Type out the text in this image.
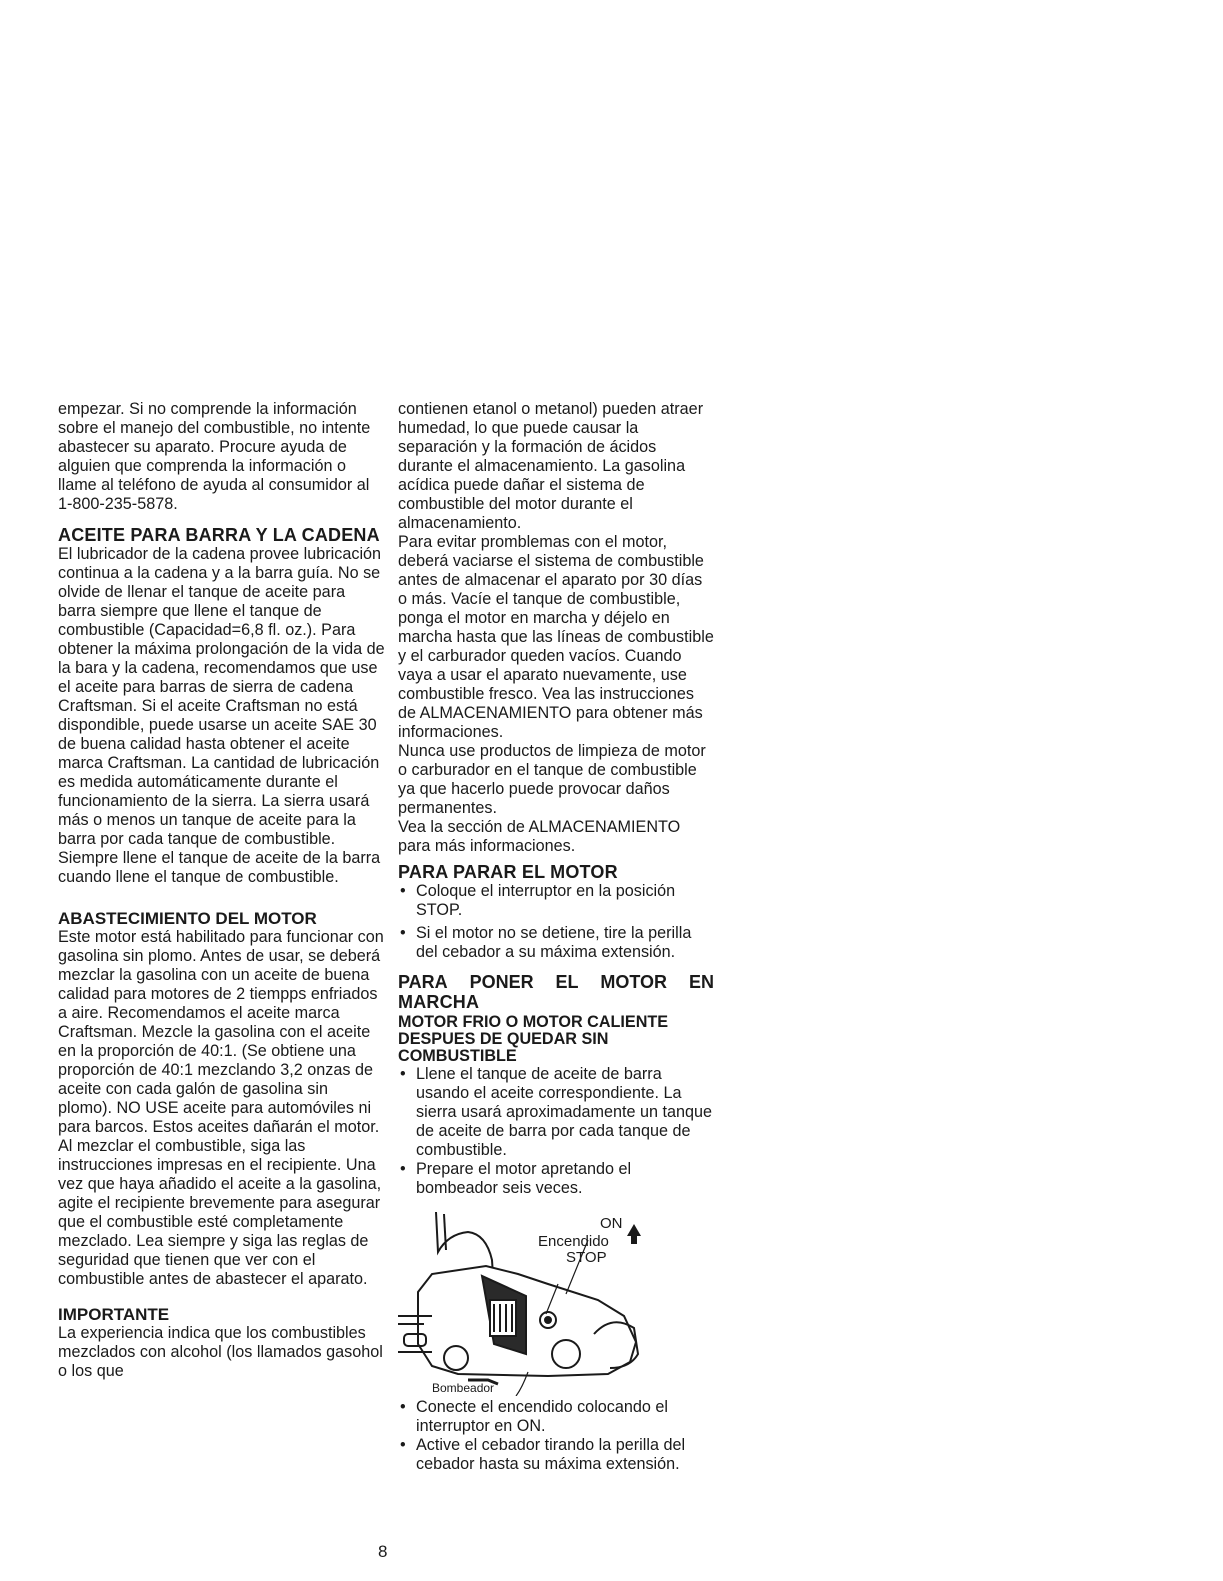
empezar. Si no comprende la información sobre el manejo del combustible, no intente abastecer su aparato. Procure ayuda de alguien que comprenda la información o llame al teléfono de ayuda al consumidor al 1-800-235-5878.

ACEITE PARA BARRA Y LA CADENA

El lubricador de la cadena provee lubricación continua a la cadena y a la barra guía. No se olvide de llenar el tanque de aceite para barra siempre que llene el tanque de combustible (Capacidad=6,8 fl. oz.). Para obtener la máxima prolongación de la vida de la bara y la cadena, recomendamos que use el aceite para barras de sierra de cadena Craftsman. Si el aceite Craftsman no está dispondible, puede usarse un aceite SAE 30 de buena calidad hasta obtener el aceite marca Craftsman. La cantidad de lubricación es medida automáticamente durante el funcionamiento de la sierra. La sierra usará más o menos un tanque de aceite para la barra por cada tanque de combustible. Siempre llene el tanque de aceite de la barra cuando llene el tanque de combustible.

ABASTECIMIENTO DEL MOTOR

Este motor está habilitado para funcionar con gasolina sin plomo. Antes de usar, se deberá mezclar la gasolina con un aceite de buena calidad para motores de 2 tiempps enfriados a aire. Recomendamos el aceite marca Craftsman. Mezcle la gasolina con el aceite en la proporción de 40:1. (Se obtiene una proporción de 40:1 mezclando 3,2 onzas de aceite con cada galón de gasolina sin plomo). NO USE aceite para automóviles ni para barcos. Estos aceites dañarán el motor. Al mezclar el combustible, siga las instrucciones impresas en el recipiente. Una vez que haya añadido el aceite a la gasolina, agite el recipiente brevemente para asegurar que el combustible esté completamente mezclado. Lea siempre y siga las reglas de seguridad que tienen que ver con el combustible antes de abastecer el aparato.

IMPORTANTE

La experiencia indica que los combustibles mezclados con alcohol (los llamados gasohol o los que

contienen etanol o metanol) pueden atraer humedad, lo que puede causar la separación y la formación de ácidos durante el almacenamiento. La gasolina acídica puede dañar el sistema de combustible del motor durante el almacenamiento.

Para evitar promblemas con el motor, deberá vaciarse el sistema de combustible antes de almacenar el aparato por 30 días o más. Vacíe el tanque de combustible, ponga el motor en marcha y déjelo en marcha hasta que las líneas de combustible y el carburador queden vacíos. Cuando vaya a usar el aparato nuevamente, use combustible fresco. Vea las instrucciones de ALMACENAMIENTO para obtener más informaciones.

Nunca use productos de limpieza de motor o carburador en el tanque de combustible ya que hacerlo puede provocar daños permanentes.

Vea la sección de ALMACENAMIENTO para más informaciones.

PARA PARAR EL MOTOR
• Coloque el interruptor en la posición STOP.
• Si el motor no se detiene, tire la perilla del cebador a su máxima extensión.
PARA PONER EL MOTOR EN
MARCHA
MOTOR FRIO O MOTOR CALIENTE DESPUES DE QUEDAR SIN COMBUSTIBLE
• Llene el tanque de aceite de barra usando el aceite correspondiente. La sierra usará aproximadamente un tanque de aceite de barra por cada tanque de combustible.
• Prepare el motor apretando el bombeador seis veces.
ON
Encendido
STOP
Bombeador
• Conecte el encendido colocando el interruptor en ON.
• Active el cebador tirando la perilla del cebador hasta su máxima extensión.
8
